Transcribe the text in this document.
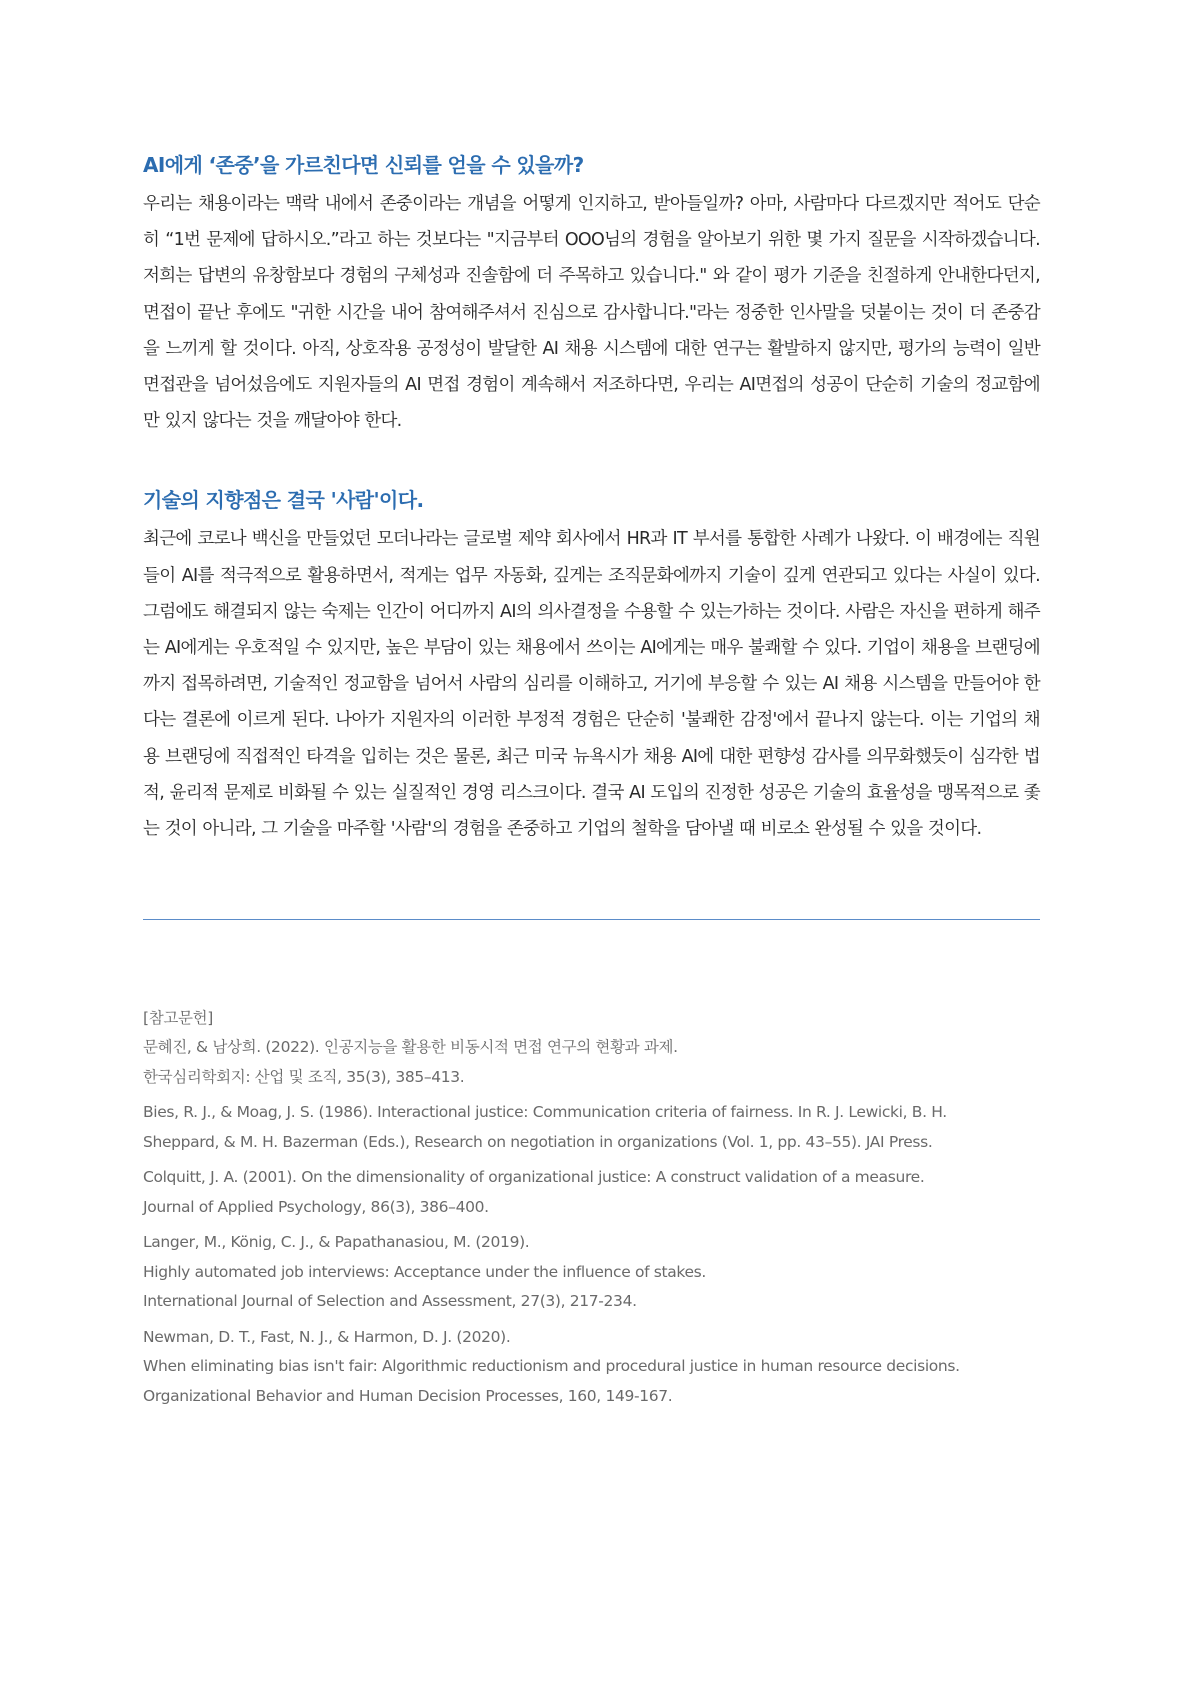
AI에게 ‘존중’을 가르친다면 신뢰를 얻을 수 있을까?

우리는 채용이라는 맥락 내에서 존중이라는 개념을 어떻게 인지하고, 받아들일까? 아마, 사람마다 다르겠지만 적어도 단순히 “1번 문제에 답하시오.”라고 하는 것보다는 "지금부터 OOO님의 경험을 알아보기 위한 몇 가지 질문을 시작하겠습니다. 저희는 답변의 유창함보다 경험의 구체성과 진솔함에 더 주목하고 있습니다." 와 같이 평가 기준을 친절하게 안내한다던지, 면접이 끝난 후에도 "귀한 시간을 내어 참여해주셔서 진심으로 감사합니다."라는 정중한 인사말을 덧붙이는 것이 더 존중감을 느끼게 할 것이다. 아직, 상호작용 공정성이 발달한 AI 채용 시스템에 대한 연구는 활발하지 않지만, 평가의 능력이 일반 면접관을 넘어섰음에도 지원자들의 AI 면접 경험이 계속해서 저조하다면, 우리는 AI면접의 성공이 단순히 기술의 정교함에만 있지 않다는 것을 깨달아야 한다.

기술의 지향점은 결국 '사람'이다.

최근에 코로나 백신을 만들었던 모더나라는 글로벌 제약 회사에서 HR과 IT 부서를 통합한 사례가 나왔다. 이 배경에는 직원들이 AI를 적극적으로 활용하면서, 적게는 업무 자동화, 깊게는 조직문화에까지 기술이 깊게 연관되고 있다는 사실이 있다. 그럼에도 해결되지 않는 숙제는 인간이 어디까지 AI의 의사결정을 수용할 수 있는가하는 것이다. 사람은 자신을 편하게 해주는 AI에게는 우호적일 수 있지만, 높은 부담이 있는 채용에서 쓰이는 AI에게는 매우 불쾌할 수 있다. 기업이 채용을 브랜딩에까지 접목하려면, 기술적인 정교함을 넘어서 사람의 심리를 이해하고, 거기에 부응할 수 있는 AI 채용 시스템을 만들어야 한다는 결론에 이르게 된다. 나아가 지원자의 이러한 부정적 경험은 단순히 '불쾌한 감정'에서 끝나지 않는다. 이는 기업의 채용 브랜딩에 직접적인 타격을 입히는 것은 물론, 최근 미국 뉴욕시가 채용 AI에 대한 편향성 감사를 의무화했듯이 심각한 법적, 윤리적 문제로 비화될 수 있는 실질적인 경영 리스크이다. 결국 AI 도입의 진정한 성공은 기술의 효율성을 맹목적으로 좇는 것이 아니라, 그 기술을 마주할 '사람'의 경험을 존중하고 기업의 철학을 담아낼 때 비로소 완성될 수 있을 것이다.

[참고문헌]
문혜진, & 남상희. (2022). 인공지능을 활용한 비동시적 면접 연구의 현황과 과제.
한국심리학회지: 산업 및 조직, 35(3), 385–413.
Bies, R. J., & Moag, J. S. (1986). Interactional justice: Communication criteria of fairness. In R. J. Lewicki, B. H.
Sheppard, & M. H. Bazerman (Eds.), Research on negotiation in organizations (Vol. 1, pp. 43–55). JAI Press.
Colquitt, J. A. (2001). On the dimensionality of organizational justice: A construct validation of a measure.
Journal of Applied Psychology, 86(3), 386–400.
Langer, M., König, C. J., & Papathanasiou, M. (2019).
Highly automated job interviews: Acceptance under the influence of stakes.
International Journal of Selection and Assessment, 27(3), 217-234.
Newman, D. T., Fast, N. J., & Harmon, D. J. (2020).
When eliminating bias isn't fair: Algorithmic reductionism and procedural justice in human resource decisions.
Organizational Behavior and Human Decision Processes, 160, 149-167.
